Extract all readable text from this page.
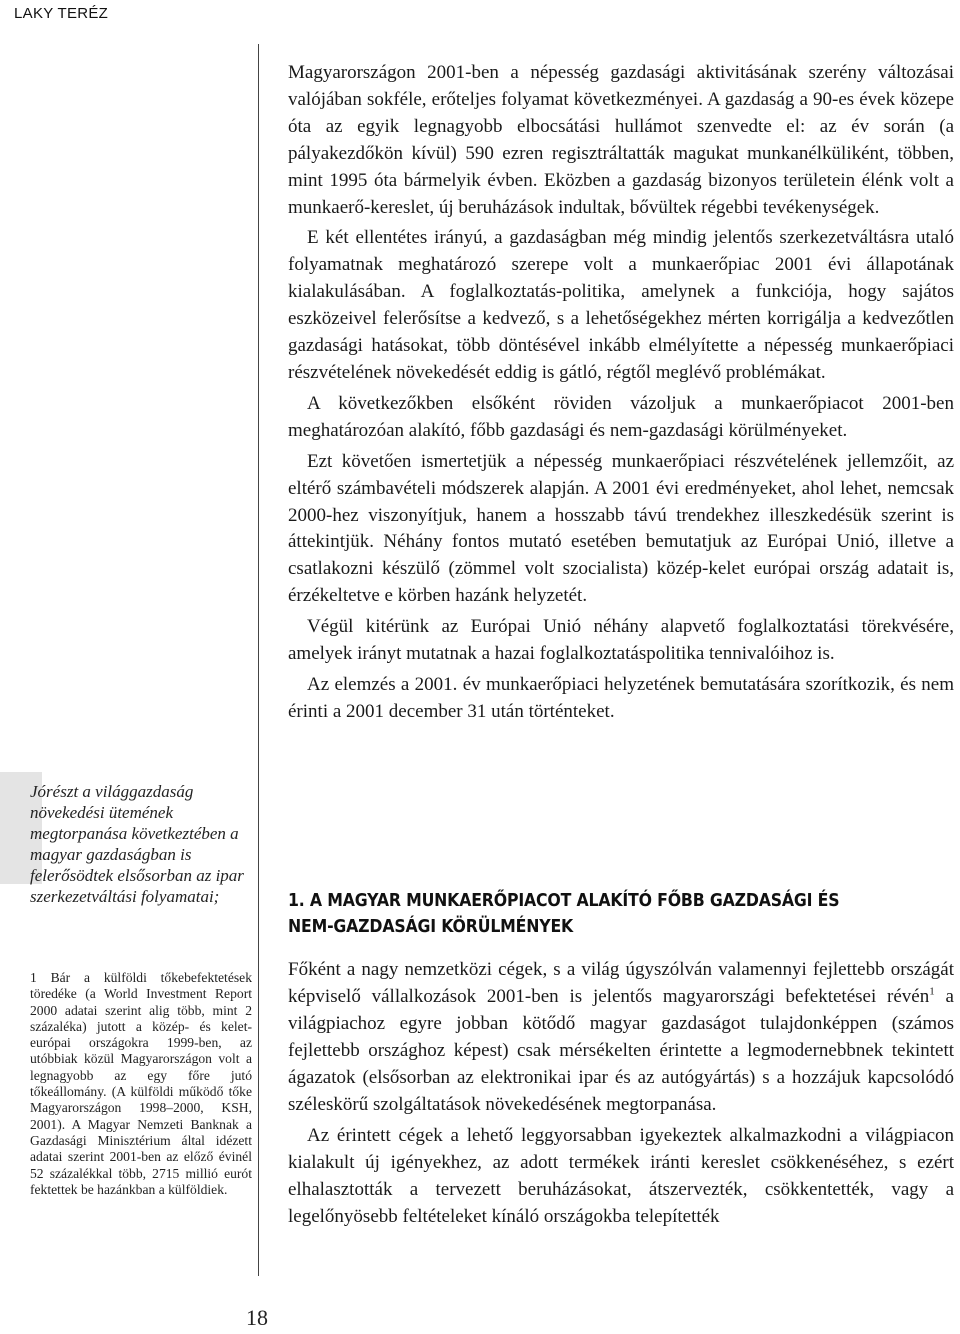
LAKY TERÉZ
Jórészt a világgazdaság növekedési ütemének megtorpanása következtében a magyar gazdaságban is felerősödtek elsősorban az ipar szerkezetváltási folyamatai;
1 Bár a külföldi tőkebefektetések töredéke (a World Investment Report 2000 adatai szerint alig több, mint 2 százaléka) jutott a közép- és kelet-európai országokra 1999-ben, az utóbbiak közül Magyarországon volt a legnagyobb az egy főre jutó tőkeállomány. (A külföldi működő tőke Magyarországon 1998–2000, KSH, 2001). A Magyar Nemzeti Banknak a Gazdasági Minisztérium által idézett adatai szerint 2001-ben az előző évinél 52 százalékkal több, 2715 millió eurót fektettek be hazánkban a külföldiek.

Magyarországon 2001-ben a népesség gazdasági aktivitásának szerény változásai valójában sokféle, erőteljes folyamat következményei. A gazdaság a 90-es évek közepe óta az egyik legnagyobb elbocsátási hullámot szenvedte el: az év során (a pályakezdőkön kívül) 590 ezren regisztráltatták magukat munkanélküliként, többen, mint 1995 óta bármelyik évben. Eközben a gazdaság bizonyos területein élénk volt a munkaerő-kereslet, új beruházások indultak, bővültek régebbi tevékenységek.

E két ellentétes irányú, a gazdaságban még mindig jelentős szerkezetváltásra utaló folyamatnak meghatározó szerepe volt a munkaerőpiac 2001 évi állapotának kialakulásában. A foglalkoztatás-politika, amelynek a funkciója, hogy sajátos eszközeivel felerősítse a kedvező, s a lehetőségekhez mérten korrigálja a kedvezőtlen gazdasági hatásokat, több döntésével inkább elmélyítette a népesség munkaerőpiaci részvételének növekedését eddig is gátló, régtől meglévő problémákat.

A következőkben elsőként röviden vázoljuk a munkaerőpiacot 2001-ben meghatározóan alakító, főbb gazdasági és nem-gazdasági körülményeket.

Ezt követően ismertetjük a népesség munkaerőpiaci részvételének jellemzőit, az eltérő számbavételi módszerek alapján. A 2001 évi eredményeket, ahol lehet, nemcsak 2000-hez viszonyítjuk, hanem a hosszabb távú trendekhez illeszkedésük szerint is áttekintjük. Néhány fontos mutató esetében bemutatjuk az Európai Unió, illetve a csatlakozni készülő (zömmel volt szocialista) közép-kelet európai ország adatait is, érzékeltetve e körben hazánk helyzetét.

Végül kitérünk az Európai Unió néhány alapvető foglalkoztatási törekvésére, amelyek irányt mutatnak a hazai foglalkoztatáspolitika tennivalóihoz is.

Az elemzés a 2001. év munkaerőpiaci helyzetének bemutatására szorítkozik, és nem érinti a 2001 december 31 után történteket.

1. A MAGYAR MUNKAERŐPIACOT ALAKÍTÓ FŐBB GAZDASÁGI ÉS NEM-GAZDASÁGI KÖRÜLMÉNYEK

Főként a nagy nemzetközi cégek, s a világ úgyszólván valamennyi fejlettebb országát képviselő vállalkozások 2001-ben is jelentős magyarországi befektetései révén$^1$ a világpiachoz egyre jobban kötődő magyar gazdaságot tulajdonképpen (számos fejlettebb országhoz képest) csak mérsékelten érintette a legmodernebbnek tekintett ágazatok (elsősorban az elektronikai ipar és az autógyártás) s a hozzájuk kapcsolódó széleskörű szolgáltatások növekedésének megtorpanása.

Az érintett cégek a lehető leggyorsabban igyekeztek alkalmazkodni a világpiacon kialakult új igényekhez, az adott termékek iránti kereslet csökkenéséhez, s ezért elhalasztották a tervezett beruházásokat, átszervezték, csökkentették, vagy a legelőnyösebb feltételeket kínáló országokba telepítették

18
